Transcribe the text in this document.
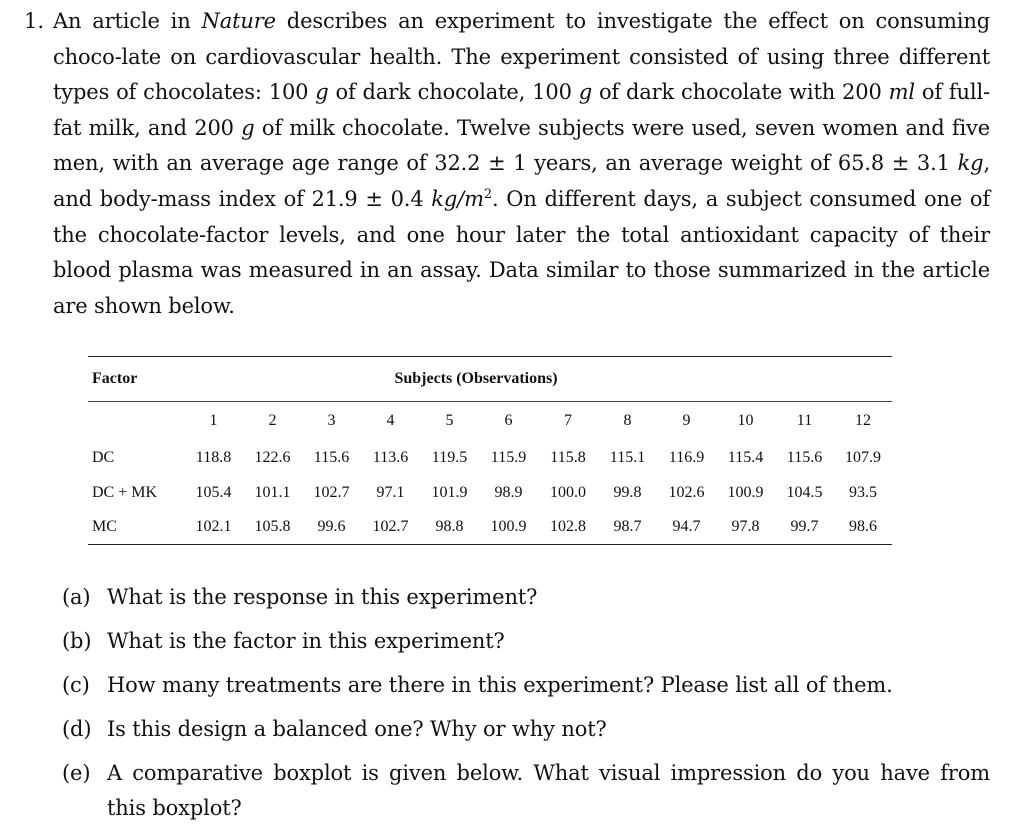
1. An article in Nature describes an experiment to investigate the effect on consuming choco-late on cardiovascular health. The experiment consisted of using three different types of chocolates: 100 g of dark chocolate, 100 g of dark chocolate with 200 ml of full-fat milk, and 200 g of milk chocolate. Twelve subjects were used, seven women and five men, with an average age range of 32.2 ± 1 years, an average weight of 65.8 ± 3.1 kg, and body-mass index of 21.9 ± 0.4 $kg/m^2$. On different days, a subject consumed one of the chocolate-factor levels, and one hour later the total antioxidant capacity of their blood plasma was measured in an assay. Data similar to those summarized in the article are shown below.

Factor	Subjects (Observations)											

	1	2	3	4	5	6	7	8	9	10	11	12
DC	118.8	122.6	115.6	113.6	119.5	115.9	115.8	115.1	116.9	115.4	115.6	107.9
DC + MK	105.4	101.1	102.7	97.1	101.9	98.9	100.0	99.8	102.6	100.9	104.5	93.5
MC	102.1	105.8	99.6	102.7	98.8	100.9	102.8	98.7	94.7	97.8	99.7	98.6
(a) What is the response in this experiment?
(b) What is the factor in this experiment?
(c) How many treatments are there in this experiment? Please list all of them.
(d) Is this design a balanced one? Why or why not?
(e) A comparative boxplot is given below. What visual impression do you have from this boxplot?
